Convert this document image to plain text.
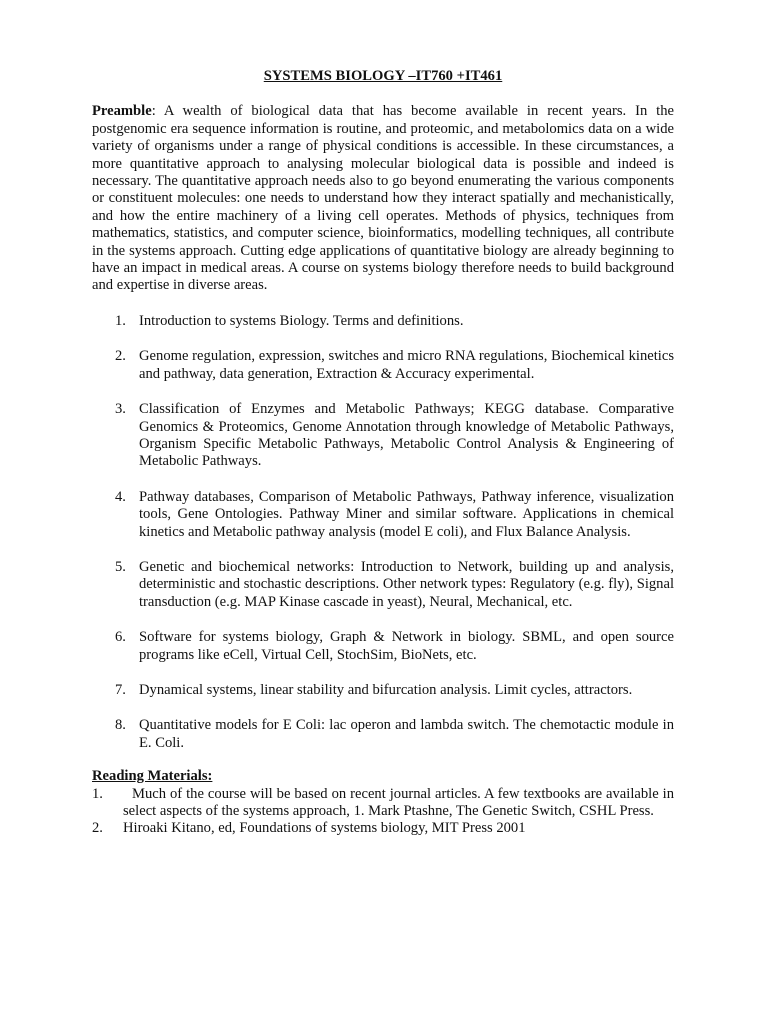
SYSTEMS BIOLOGY –IT760 +IT461
Preamble: A wealth of biological data that has become available in recent years. In the postgenomic era sequence information is routine, and proteomic, and metabolomics data on a wide variety of organisms under a range of physical conditions is accessible. In these circumstances, a more quantitative approach to analysing molecular biological data is possible and indeed is necessary. The quantitative approach needs also to go beyond enumerating the various components or constituent molecules: one needs to understand how they interact spatially and mechanistically, and how the entire machinery of a living cell operates. Methods of physics, techniques from mathematics, statistics, and computer science, bioinformatics, modelling techniques, all contribute in the systems approach. Cutting edge applications of quantitative biology are already beginning to have an impact in medical areas. A course on systems biology therefore needs to build background and expertise in diverse areas.
1. Introduction to systems Biology. Terms and definitions.
2. Genome regulation, expression, switches and micro RNA regulations, Biochemical kinetics and pathway, data generation, Extraction & Accuracy experimental.
3. Classification of Enzymes and Metabolic Pathways; KEGG database. Comparative Genomics & Proteomics, Genome Annotation through knowledge of Metabolic Pathways, Organism Specific Metabolic Pathways, Metabolic Control Analysis & Engineering of Metabolic Pathways.
4. Pathway databases, Comparison of Metabolic Pathways, Pathway inference, visualization tools, Gene Ontologies. Pathway Miner and similar software. Applications in chemical kinetics and Metabolic pathway analysis (model E coli), and Flux Balance Analysis.
5. Genetic and biochemical networks: Introduction to Network, building up and analysis, deterministic and stochastic descriptions. Other network types: Regulatory (e.g. fly), Signal transduction (e.g. MAP Kinase cascade in yeast), Neural, Mechanical, etc.
6. Software for systems biology, Graph & Network in biology. SBML, and open source programs like eCell, Virtual Cell, StochSim, BioNets, etc.
7. Dynamical systems, linear stability and bifurcation analysis. Limit cycles, attractors.
8. Quantitative models for E Coli: lac operon and lambda switch. The chemotactic module in E. Coli.
Reading Materials:
1.	Much of the course will be based on recent journal articles. A few textbooks are available in select aspects of the systems approach, 1. Mark Ptashne, The Genetic Switch, CSHL Press.
2. Hiroaki Kitano, ed, Foundations of systems biology, MIT Press 2001
